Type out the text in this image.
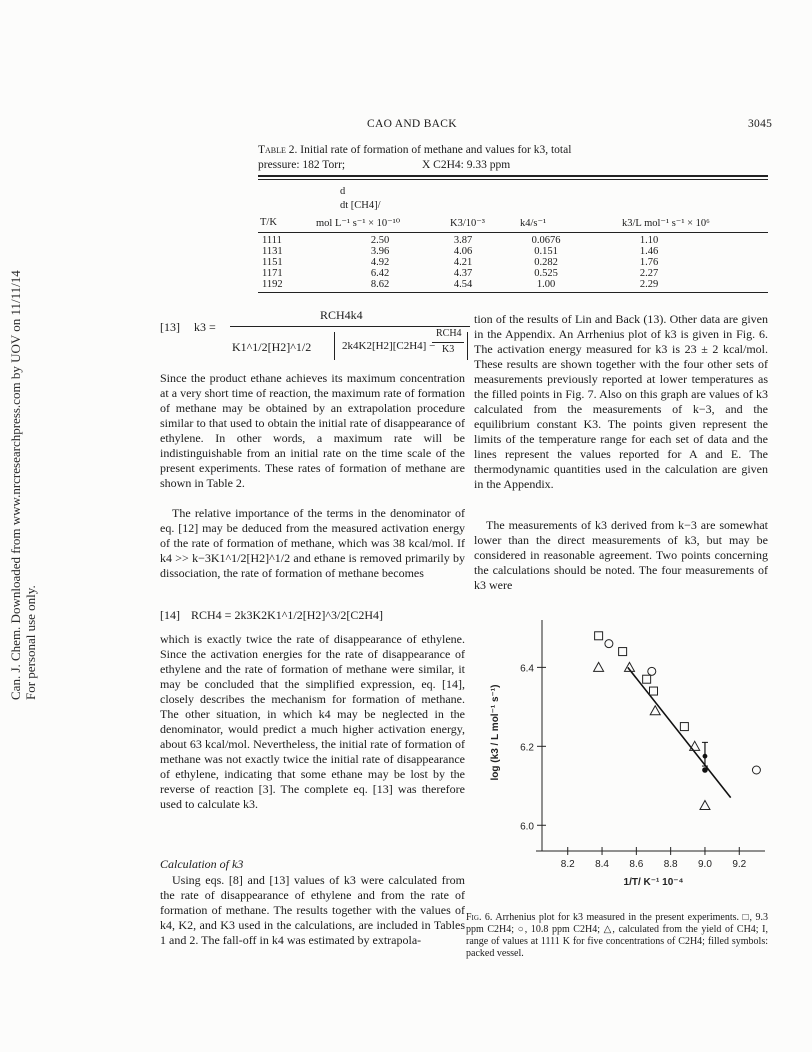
CAO AND BACK	3045
Can. J. Chem. Downloaded from www.nrcresearchpress.com by UOV on 11/11/14 For personal use only.
Table 2. Initial rate of formation of methane and values for k3, total pressure: 182 Torr;	X C2H4: 9.33 ppm
d
dt [CH4]/
T/K	mol L⁻¹ s⁻¹ × 10⁻¹⁰	K3/10⁻³	k4/s⁻¹	k3/L mol⁻¹ s⁻¹ × 10⁶
1111	2.50	3.87	0.0676	1.10
1131	3.96	4.06	0.151	1.46
1151	4.92	4.21	0.282	1.76
1171	6.42	4.37	0.525	2.27
1192	8.62	4.54	1.00	2.29
[13] k3 =
RCH4k4
K1^1/2[H2]^1/2	2k4K2[H2][C2H4] −
RCH4
K3
Since the product ethane achieves its maximum concentration at a very short time of reaction, the maximum rate of formation of methane may be obtained by an extrapolation procedure similar to that used to obtain the initial rate of disappearance of ethylene. In other words, a maximum rate will be indistinguishable from an initial rate on the time scale of the present experiments. These rates of formation of methane are shown in Table 2.
The relative importance of the terms in the denominator of eq. [12] may be deduced from the measured activation energy of the rate of formation of methane, which was 38 kcal/mol. If k4 >> k−3K1^1/2[H2]^1/2 and ethane is removed primarily by dissociation, the rate of formation of methane becomes
[14] RCH4 = 2k3K2K1^1/2[H2]^3/2[C2H4]
which is exactly twice the rate of disappearance of ethylene. Since the activation energies for the rate of disappearance of ethylene and the rate of formation of methane were similar, it may be concluded that the simplified expression, eq. [14], closely describes the mechanism for formation of methane. The other situation, in which k4 may be neglected in the denominator, would predict a much higher activation energy, about 63 kcal/mol. Nevertheless, the initial rate of formation of methane was not exactly twice the initial rate of disappearance of ethylene, indicating that some ethane may be lost by the reverse of reaction [3]. The complete eq. [13] was therefore used to calculate k3.
Calculation of k3
Using eqs. [8] and [13] values of k3 were calculated from the rate of disappearance of ethylene and from the rate of formation of methane. The results together with the values of k4, K2, and K3 used in the calculations, are included in Tables 1 and 2. The fall-off in k4 was estimated by extrapola-
tion of the results of Lin and Back (13). Other data are given in the Appendix. An Arrhenius plot of k3 is given in Fig. 6. The activation energy measured for k3 is 23 ± 2 kcal/mol. These results are shown together with the four other sets of measurements previously reported at lower temperatures as the filled points in Fig. 7. Also on this graph are values of k3 calculated from the measurements of k−3, and the equilibrium constant K3. The points given represent the limits of the temperature range for each set of data and the lines represent the values reported for A and E. The thermodynamic quantities used in the calculation are given in the Appendix.
The measurements of k3 derived from k−3 are somewhat lower than the direct measurements of k3, but may be considered in reasonable agreement. Two points concerning the calculations should be noted. The four measurements of k3 were
6.4
6.2
6.0
8.2 8.4 8.6 8.8 9.0 9.2
1/T/ K⁻¹ 10⁻⁴
log (k3 / L mol⁻¹ s⁻¹)
Fig. 6. Arrhenius plot for k3 measured in the present experiments. □, 9.3 ppm C2H4; ○, 10.8 ppm C2H4; △, calculated from the yield of CH4; I, range of values at 1111 K for five concentrations of C2H4; filled symbols: packed vessel.
